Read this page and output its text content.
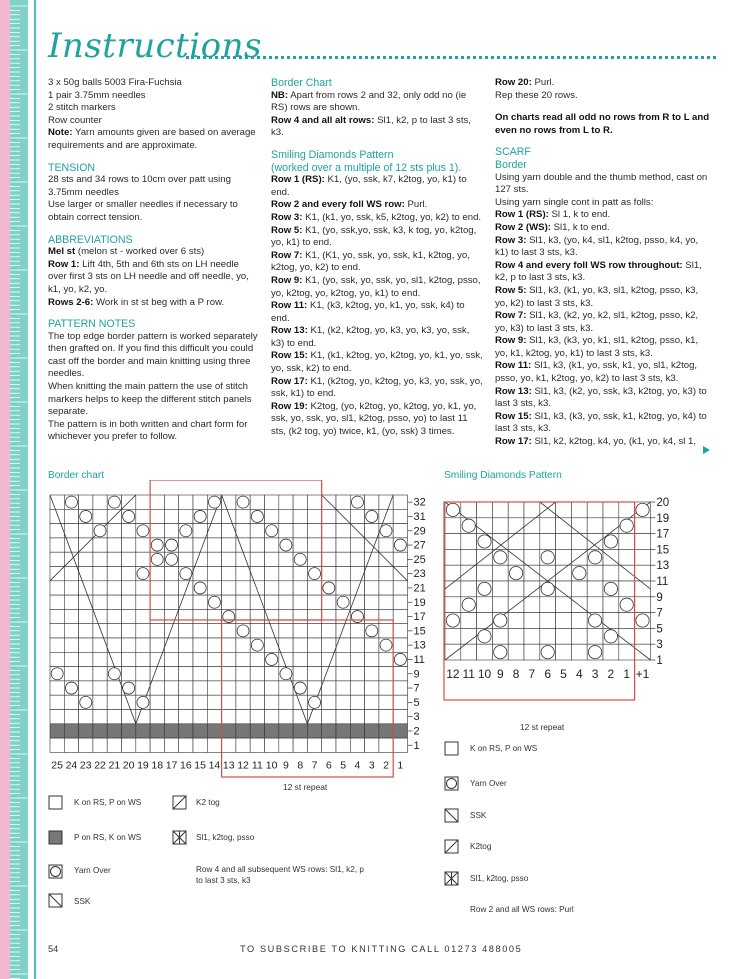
Instructions

3 x 50g balls 5003 Fira-Fuchsia

1 pair 3.75mm needles

2 stitch markers

Row counter

Note: Yarn amounts given are based on average requirements and are approximate.

TENSION

28 sts and 34 rows to 10cm over patt using 3.75mm needles

Use larger or smaller needles if necessary to obtain correct tension.

ABBREVIATIONS

Mel st (melon st - worked over 6 sts)

Row 1: Lift 4th, 5th and 6th sts on LH needle over first 3 sts on LH needle and off needle, yo, k1, yo, k2, yo.

Rows 2-6: Work in st st beg with a P row.

PATTERN NOTES

The top edge border pattern is worked separately then grafted on. If you find this difficult you could cast off the border and main knitting using three needles.

When knitting the main pattern the use of stitch markers helps to keep the different stitch panels separate.

The pattern is in both written and chart form for whichever you prefer to follow.

Border Chart

NB: Apart from rows 2 and 32, only odd no (ie RS) rows are shown.

Row 4 and all alt rows: Sl1, k2, p to last 3 sts, k3.

Smiling Diamonds Pattern

(worked over a multiple of 12 sts plus 1).

Row 1 (RS): K1, (yo, ssk, k7, k2tog, yo, k1) to end.

Row 2 and every foll WS row: Purl.

Row 3: K1, (k1, yo, ssk, k5, k2tog, yo, k2) to end.

Row 5: K1, (yo, ssk,yo, ssk, k3, k tog, yo, k2tog, yo, k1) to end.

Row 7: K1, (K1, yo, ssk, yo, ssk, k1, k2tog, yo, k2tog, yo, k2) to end.

Row 9: K1, (yo, ssk, yo, ssk, yo, sl1, k2tog, psso, yo, k2tog, yo, k2tog, yo, k1) to end.

Row 11: K1, (k3, k2tog, yo, k1, yo, ssk, k4) to end.

Row 13: K1, (k2, k2tog, yo, k3, yo, k3, yo, ssk, k3) to end.

Row 15: K1, (k1, k2tog, yo, k2tog, yo, k1, yo, ssk, yo, ssk, k2) to end.

Row 17: K1, (k2tog, yo, k2tog, yo, k3, yo, ssk, yo, ssk, k1) to end.

Row 19: K2tog, (yo, k2tog, yo, k2tog, yo, k1, yo, ssk, yo, ssk, yo, sl1, k2tog, psso, yo) to last 11 sts, (k2 tog, yo) twice, k1, (yo, ssk) 3 times.

Row 20: Purl.

Rep these 20 rows.

On charts read all odd no rows from R to L and even no rows from L to R.

SCARF

Border

Using yarn double and the thumb method, cast on 127 sts.

Using yarn single cont in patt as folls:

Row 1 (RS): Sl 1, k to end.

Row 2 (WS): Sl1, k to end.

Row 3: Sl1, k3, (yo, k4, sl1, k2tog, psso, k4, yo, k1) to last 3 sts, k3.

Row 4 and every foll WS row throughout: Sl1, k2, p to last 3 sts, k3.

Row 5: Sl1, k3, (k1, yo, k3, sl1, k2tog, psso, k3, yo, k2) to last 3 sts, k3.

Row 7: Sl1, k3, (k2, yo, k2, sl1, k2tog, psso, k2, yo, k3) to last 3 sts, k3.

Row 9: Sl1, k3, (k3, yo, k1, sl1, k2tog, psso, k1, yo, k1, k2tog, yo, k1) to last 3 sts, k3.

Row 11: Sl1, k3, (k1, yo, ssk, k1, yo, sl1, k2tog, psso, yo, k1, k2tog, yo, k2) to last 3 sts, k3.

Row 13: Sl1, k3, (k2, yo, ssk, k3, k2tog, yo, k3) to last 3 sts, k3.

Row 15: Sl1, k3, (k3, yo, ssk, k1, k2tog, yo, k4) to last 3 sts, k3.

Row 17: Sl1, k2, k2tog, k4, yo, (k1, yo, k4, sl 1,

Border chart	Smiling Diamonds Pattern
32
31
29
27
25
23
21
19
17
15
13
11
9
7
5
3
2
1
25 24 23 22 21 20 19 18 17 16 15 14 13 12 11 10 9 8 7 6 5 4 3 2 1
12 st repeat
20
19
17
15
13
11
9
7
5
3
1
12 11 10 9 8 7 6 5 4 3 2 1 +1
12 st repeat
K on RS, P on WS
P on RS, K on WS
Yarn Over
SSK
K2 tog
Sl1, k2tog, psso
Row 4 and all subsequent WS rows: Sl1, k2, p to last 3 sts, k3
K on RS, P on WS
Yarn Over
SSK
K2tog
Sl1, k2tog, psso
Row 2 and all WS rows: Purl
54	TO SUBSCRIBE TO KNITTING CALL 01273 488005
